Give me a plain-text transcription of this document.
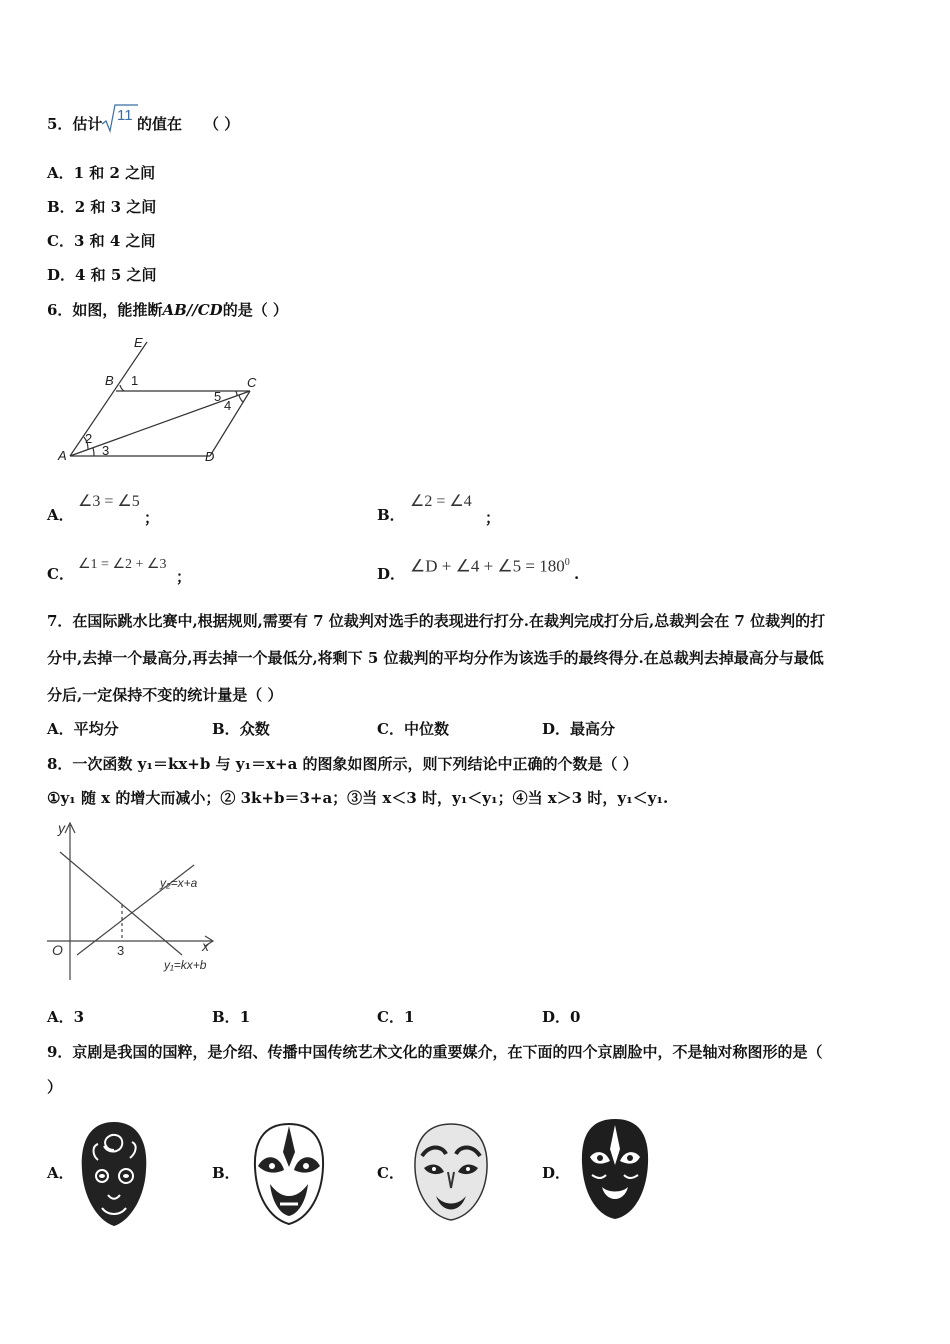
5．估计 11 的值在 （ ）
A．1 和 2 之间
B．2 和 3 之间
C．3 和 4 之间
D．4 和 5 之间
6．如图，能推断AB//CD的是（ ）
E
B	C
A	D
1
2
3
4
5
A．
∠3 = ∠5
；	B．
∠2 = ∠4
；
C．
∠1 = ∠2 + ∠3
；	D． ∠D + ∠4 + ∠5 = $180^0$
.
7．在国际跳水比赛中,根据规则,需要有 7 位裁判对选手的表现进行打分.在裁判完成打分后,总裁判会在 7 位裁判的打
分中,去掉一个最高分,再去掉一个最低分,将剩下 5 位裁判的平均分作为该选手的最终得分.在总裁判去掉最高分与最低
分后,一定保持不变的统计量是（ ）
A．平均分	B．众数	C．中位数	D．最高分
8．一次函数 y₁＝kx+b 与 y₁＝x+a 的图象如图所示，则下列结论中正确的个数是（ ）
①y₁ 随 x 的增大而减小；② 3k+b＝3+a；③当 x＜3 时，y₁＜y₁；④当 x＞3 时，y₁＜y₁.
y
x
O
y₂=x+a
y₁=kx+b
3
A．3	B．1	C．1	D．0
9．京剧是我国的国粹，是介绍、传播中国传统艺术文化的重要媒介，在下面的四个京剧脸中，不是轴对称图形的是（
）
A．	B．	C．	D．
